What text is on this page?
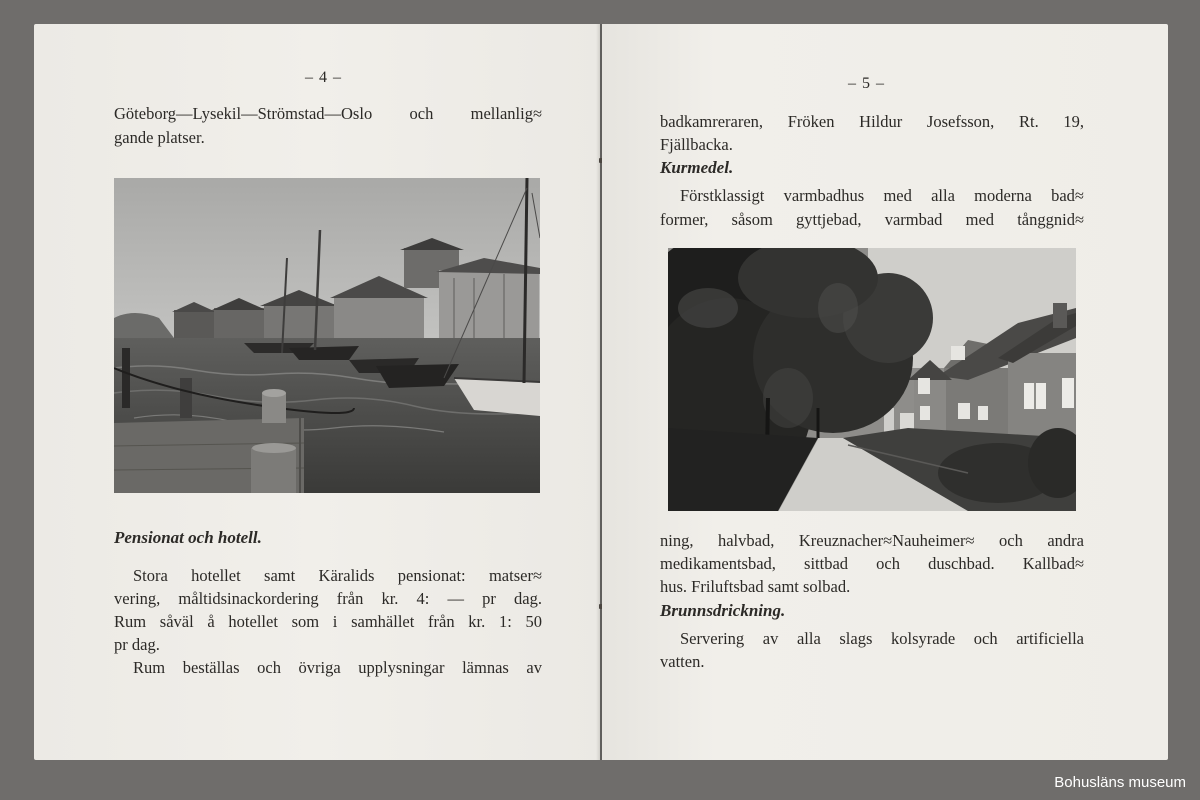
– 4 –
Göteborg—Lysekil—Strömstad—Oslo och mellanlig≈
gande platser.
Pensionat och hotell.
Stora hotellet samt Käralids pensionat: matser≈
vering, måltidsinackordering från kr. 4: — pr dag.
Rum såväl å hotellet som i samhället från kr. 1: 50
pr dag.
Rum beställas och övriga upplysningar lämnas av
– 5 –
badkamreraren, Fröken Hildur Josefsson, Rt. 19,
Fjällbacka.
Kurmedel.
Förstklassigt varmbadhus med alla moderna bad≈
former, såsom gyttjebad, varmbad med tånggnid≈
ning, halvbad, Kreuznacher≈Nauheimer≈ och andra
medikamentsbad, sittbad och duschbad. Kallbad≈
hus. Friluftsbad samt solbad.
Brunnsdrickning.
Servering av alla slags kolsyrade och artificiella
vatten.
Bohusläns museum
